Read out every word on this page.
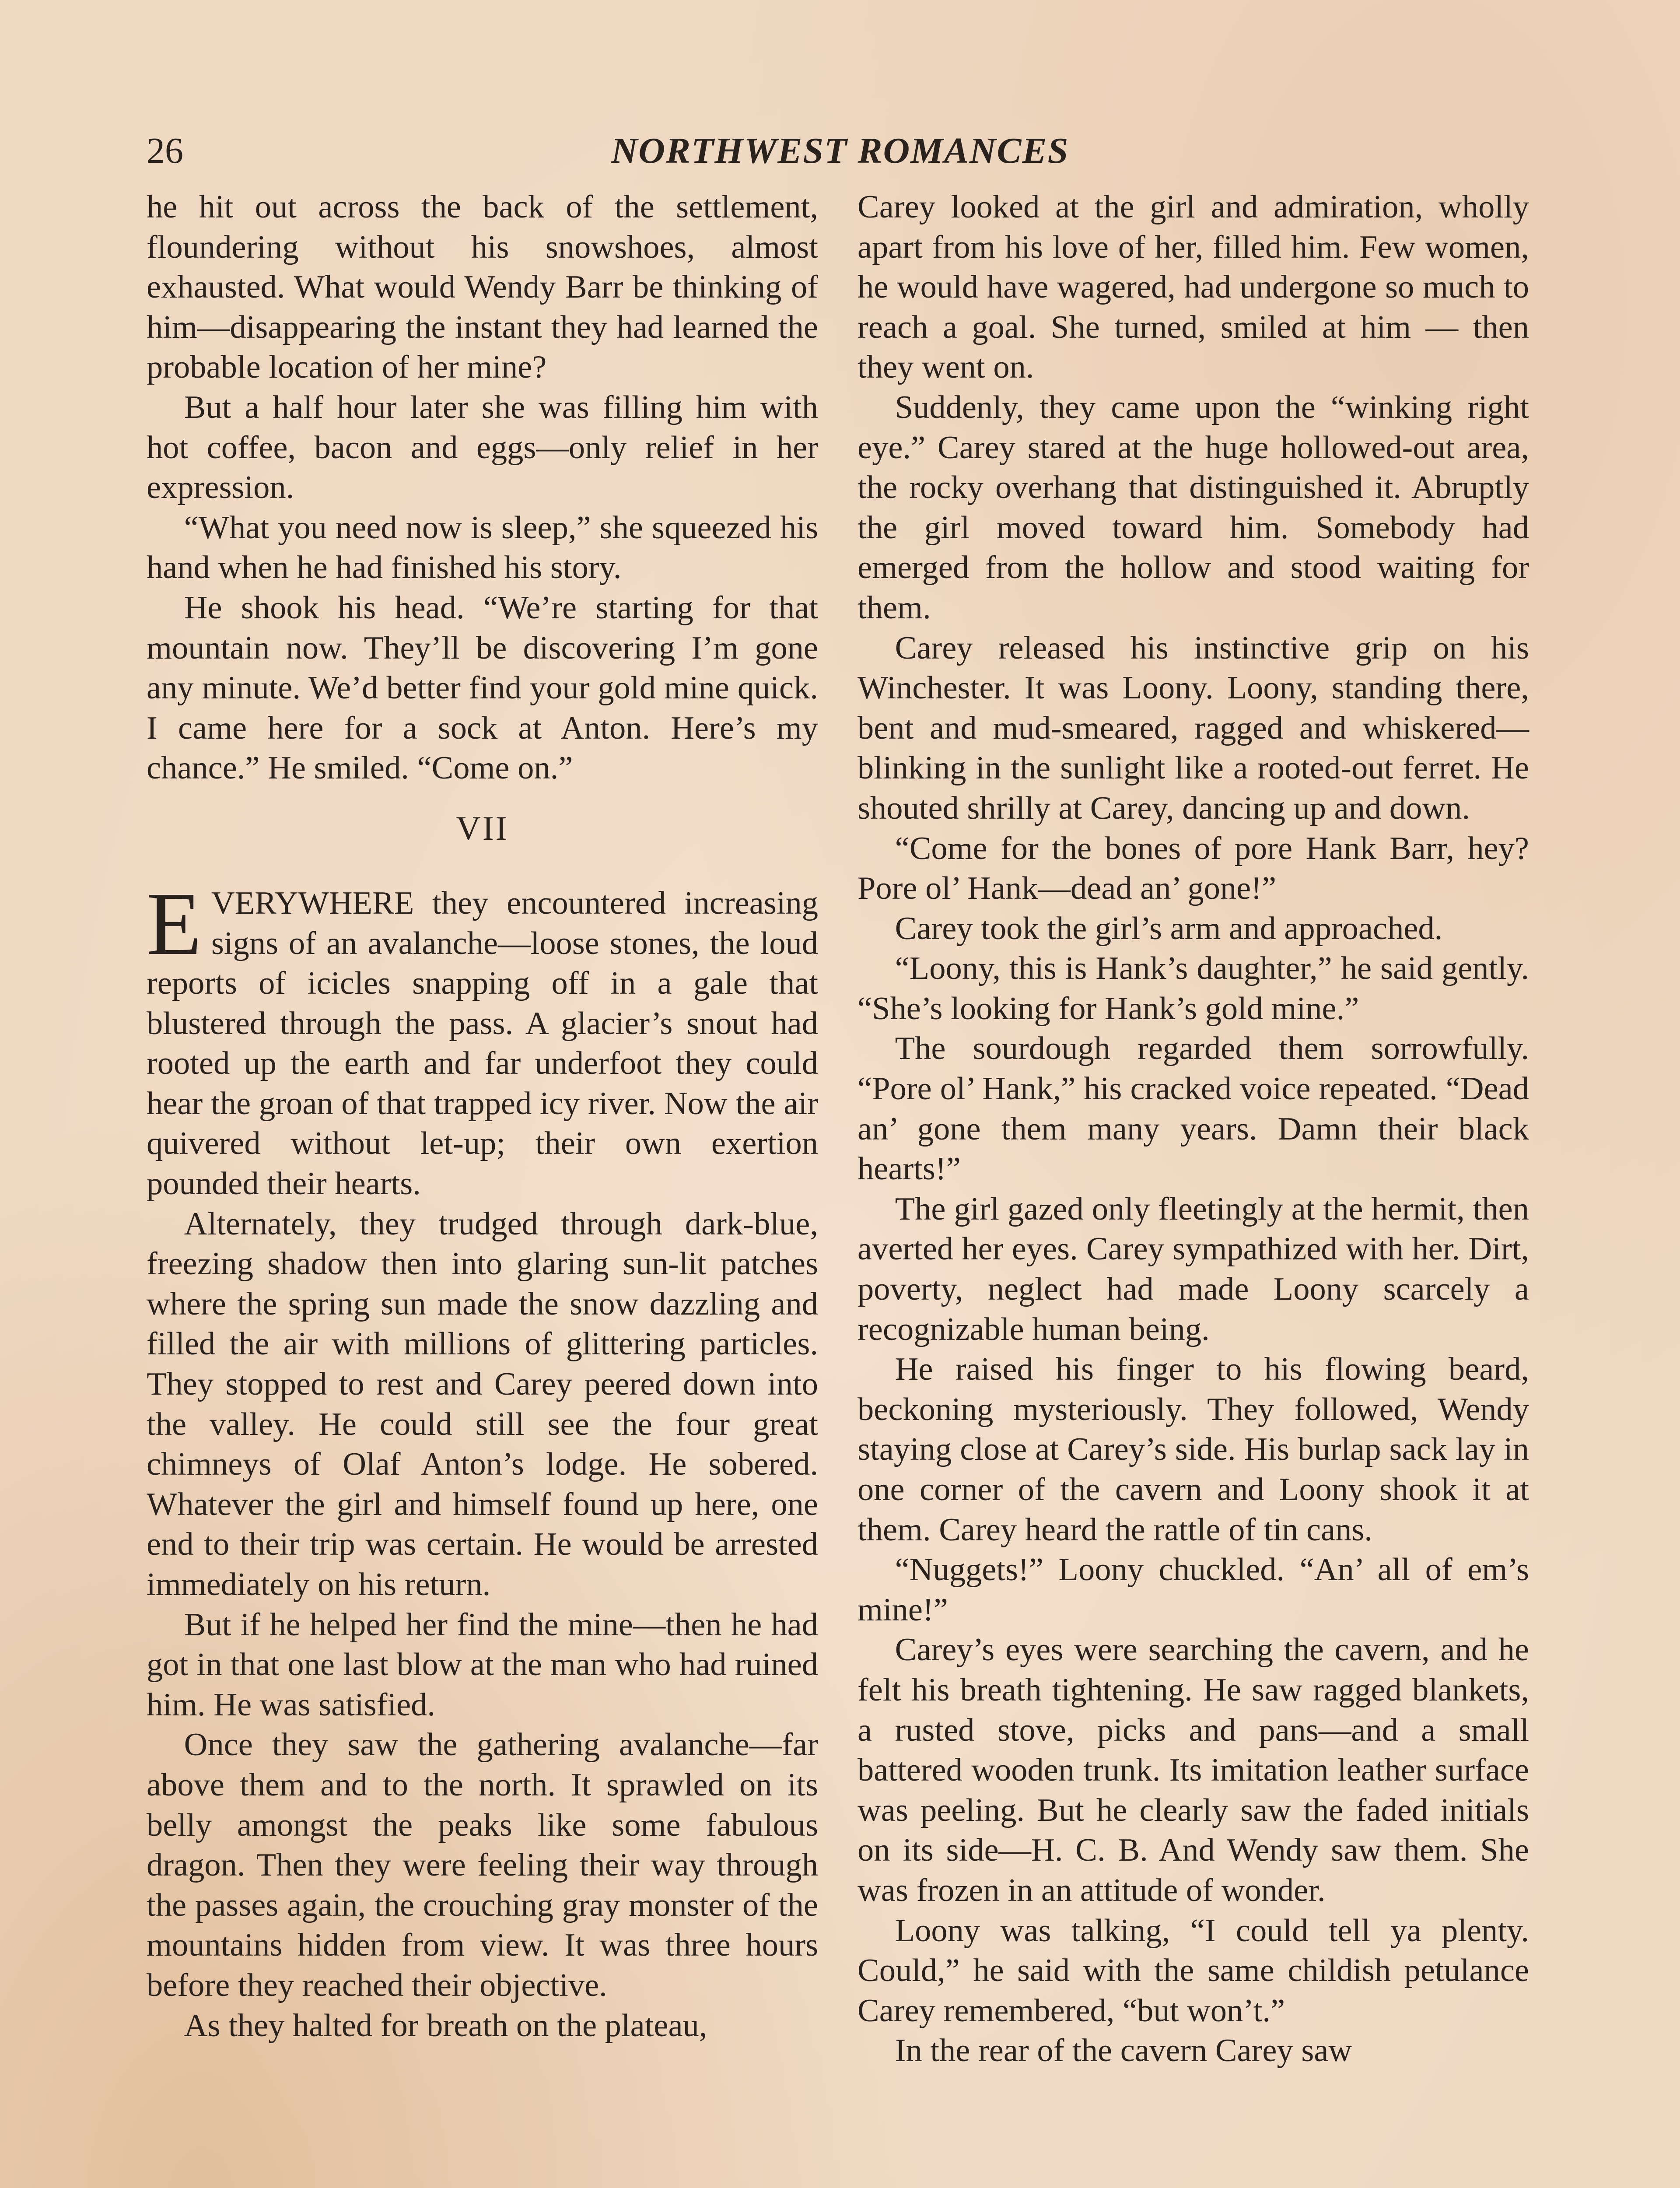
26	NORTHWEST ROMANCES

he hit out across the back of the settlement, floundering without his snowshoes, almost exhausted. What would Wendy Barr be thinking of him—disappearing the instant they had learned the probable location of her mine?

But a half hour later she was filling him with hot coffee, bacon and eggs—only relief in her expression.

“What you need now is sleep,” she squeezed his hand when he had finished his story.

He shook his head. “We’re starting for that mountain now. They’ll be discovering I’m gone any minute. We’d better find your gold mine quick. I came here for a sock at Anton. Here’s my chance.” He smiled. “Come on.”

VII

EVERYWHERE they encountered increasing signs of an avalanche—loose stones, the loud reports of icicles snapping off in a gale that blustered through the pass. A glacier’s snout had rooted up the earth and far underfoot they could hear the groan of that trapped icy river. Now the air quivered without let-up; their own exertion pounded their hearts.

Alternately, they trudged through dark-blue, freezing shadow then into glaring sun-lit patches where the spring sun made the snow dazzling and filled the air with millions of glittering particles. They stopped to rest and Carey peered down into the valley. He could still see the four great chimneys of Olaf Anton’s lodge. He sobered. Whatever the girl and himself found up here, one end to their trip was certain. He would be arrested immediately on his return.

But if he helped her find the mine—then he had got in that one last blow at the man who had ruined him. He was satisfied.

Once they saw the gathering avalanche—far above them and to the north. It sprawled on its belly amongst the peaks like some fabulous dragon. Then they were feeling their way through the passes again, the crouching gray monster of the mountains hidden from view. It was three hours before they reached their objective.

As they halted for breath on the plateau,

Carey looked at the girl and admiration, wholly apart from his love of her, filled him. Few women, he would have wagered, had undergone so much to reach a goal. She turned, smiled at him — then they went on.

Suddenly, they came upon the “winking right eye.” Carey stared at the huge hollowed-out area, the rocky overhang that distinguished it. Abruptly the girl moved toward him. Somebody had emerged from the hollow and stood waiting for them.

Carey released his instinctive grip on his Winchester. It was Loony. Loony, standing there, bent and mud-smeared, ragged and whiskered—blinking in the sunlight like a rooted-out ferret. He shouted shrilly at Carey, dancing up and down.

“Come for the bones of pore Hank Barr, hey? Pore ol’ Hank—dead an’ gone!”

Carey took the girl’s arm and approached.

“Loony, this is Hank’s daughter,” he said gently. “She’s looking for Hank’s gold mine.”

The sourdough regarded them sorrowfully. “Pore ol’ Hank,” his cracked voice repeated. “Dead an’ gone them many years. Damn their black hearts!”

The girl gazed only fleetingly at the hermit, then averted her eyes. Carey sympathized with her. Dirt, poverty, neglect had made Loony scarcely a recognizable human being.

He raised his finger to his flowing beard, beckoning mysteriously. They followed, Wendy staying close at Carey’s side. His burlap sack lay in one corner of the cavern and Loony shook it at them. Carey heard the rattle of tin cans.

“Nuggets!” Loony chuckled. “An’ all of em’s mine!”

Carey’s eyes were searching the cavern, and he felt his breath tightening. He saw ragged blankets, a rusted stove, picks and pans—and a small battered wooden trunk. Its imitation leather surface was peeling. But he clearly saw the faded initials on its side—H. C. B. And Wendy saw them. She was frozen in an attitude of wonder.

Loony was talking, “I could tell ya plenty. Could,” he said with the same childish petulance Carey remembered, “but won’t.”

In the rear of the cavern Carey saw
